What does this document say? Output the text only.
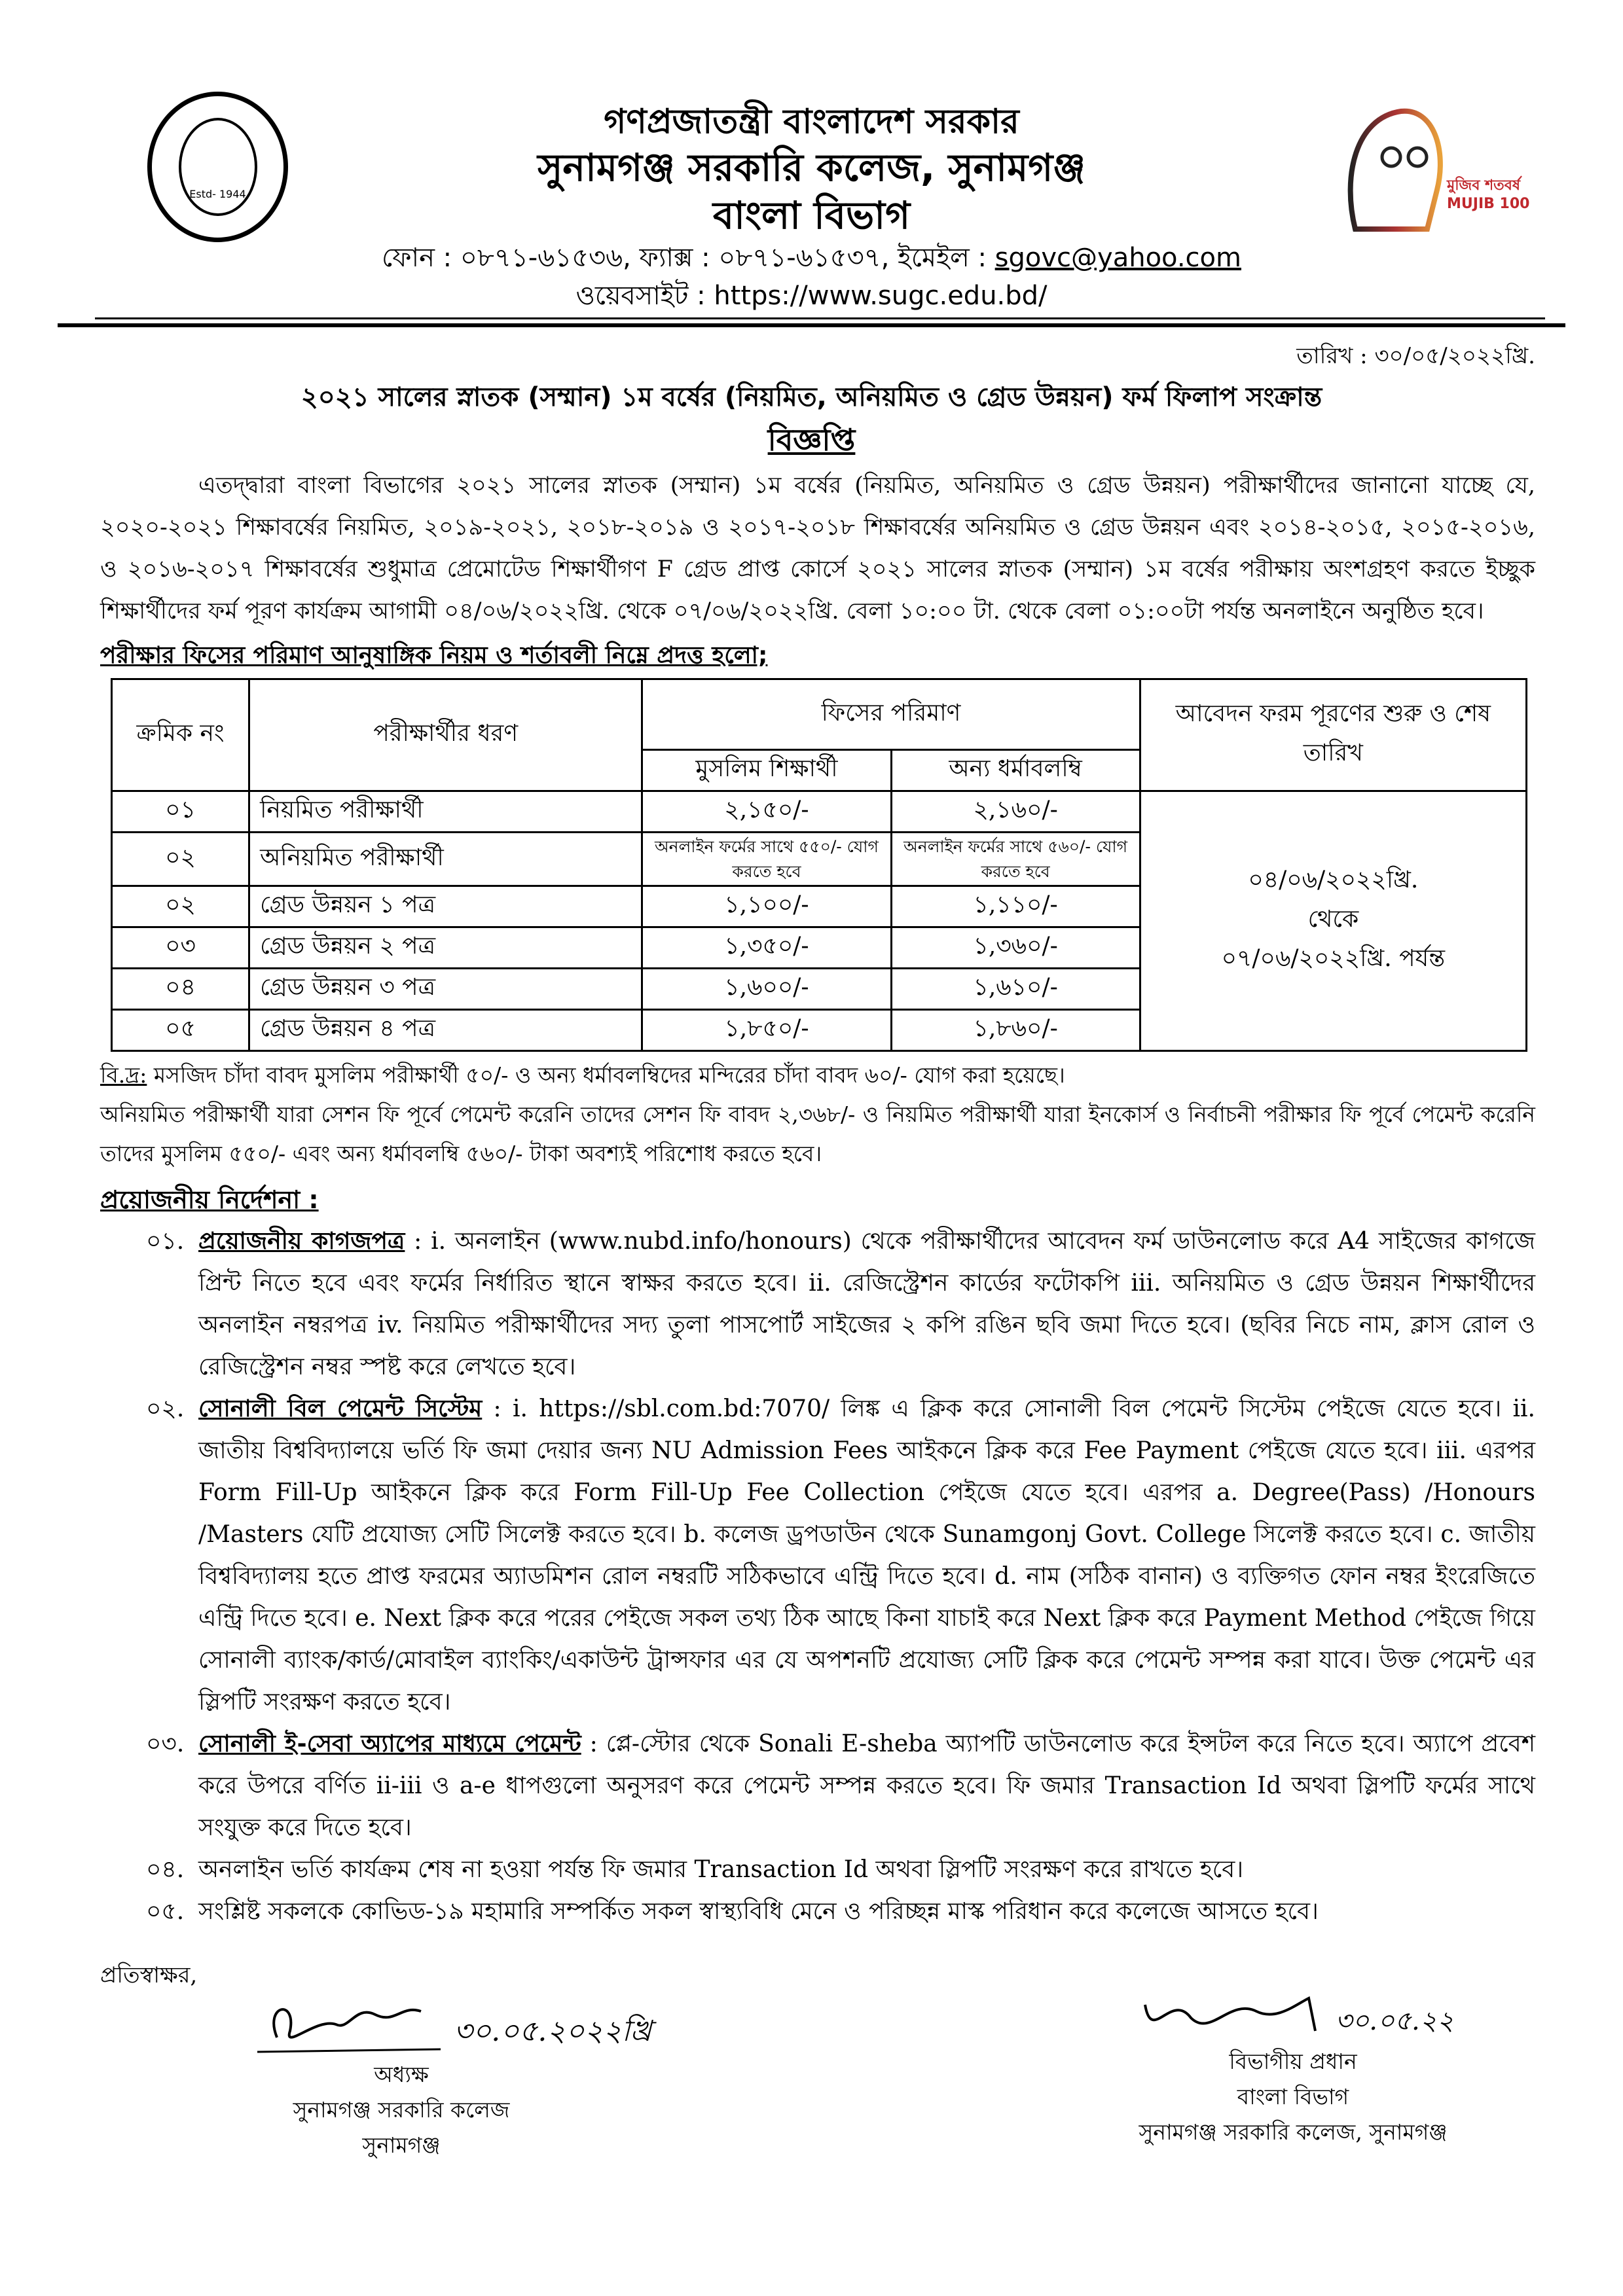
Estd- 1944
মুজিব শতবর্ষ MUJIB 100
গণপ্রজাতন্ত্রী বাংলাদেশ সরকার
সুনামগঞ্জ সরকারি কলেজ, সুনামগঞ্জ
বাংলা বিভাগ
ফোন : ০৮৭১-৬১৫৩৬, ফ্যাক্স : ০৮৭১-৬১৫৩৭, ইমেইল : sgovc@yahoo.com
ওয়েবসাইট : https://www.sugc.edu.bd/
তারিখ : ৩০/০৫/২০২২খ্রি.
২০২১ সালের স্নাতক (সম্মান) ১ম বর্ষের (নিয়মিত, অনিয়মিত ও গ্রেড উন্নয়ন) ফর্ম ফিলাপ সংক্রান্ত
বিজ্ঞপ্তি
এতদ্দ্বারা বাংলা বিভাগের ২০২১ সালের স্নাতক (সম্মান) ১ম বর্ষের (নিয়মিত, অনিয়মিত ও গ্রেড উন্নয়ন) পরীক্ষার্থীদের জানানো যাচ্ছে যে, ২০২০-২০২১ শিক্ষাবর্ষের নিয়মিত, ২০১৯-২০২১, ২০১৮-২০১৯ ও ২০১৭-২০১৮ শিক্ষাবর্ষের অনিয়মিত ও গ্রেড উন্নয়ন এবং ২০১৪-২০১৫, ২০১৫-২০১৬, ও ২০১৬-২০১৭ শিক্ষাবর্ষের শুধুমাত্র প্রেমোটেড শিক্ষার্থীগণ F গ্রেড প্রাপ্ত কোর্সে ২০২১ সালের স্নাতক (সম্মান) ১ম বর্ষের পরীক্ষায় অংশগ্রহণ করতে ইচ্ছুক শিক্ষার্থীদের ফর্ম পূরণ কার্যক্রম আগামী ০৪/০৬/২০২২খ্রি. থেকে ০৭/০৬/২০২২খ্রি. বেলা ১০:০০ টা. থেকে বেলা ০১:০০টা পর্যন্ত অনলাইনে অনুষ্ঠিত হবে।
পরীক্ষার ফিসের পরিমাণ আনুষাঙ্গিক নিয়ম ও শর্তাবলী নিম্নে প্রদত্ত হলো;
ক্রমিক নং	পরীক্ষার্থীর ধরণ	ফিসের পরিমাণ		আবেদন ফরম পূরণের শুরু ও শেষ তারিখ
		মুসলিম শিক্ষার্থী	অন্য ধর্মাবলম্বি	
০১	নিয়মিত পরীক্ষার্থী	২,১৫০/-	২,১৬০/-	০৪/০৬/২০২২খ্রি.
থেকে
০৭/০৬/২০২২খ্রি. পর্যন্ত

০২	অনিয়মিত পরীক্ষার্থী	অনলাইন ফর্মের সাথে ৫৫০/- যোগ করতে হবে	অনলাইন ফর্মের সাথে ৫৬০/- যোগ করতে হবে	
০২	গ্রেড উন্নয়ন ১ পত্র	১,১০০/-	১,১১০/-	
০৩	গ্রেড উন্নয়ন ২ পত্র	১,৩৫০/-	১,৩৬০/-	
০৪	গ্রেড উন্নয়ন ৩ পত্র	১,৬০০/-	১,৬১০/-	
০৫	গ্রেড উন্নয়ন ৪ পত্র	১,৮৫০/-	১,৮৬০/-	
বি.দ্র: মসজিদ চাঁদা বাবদ মুসলিম পরীক্ষার্থী ৫০/- ও অন্য ধর্মাবলম্বিদের মন্দিরের চাঁদা বাবদ ৬০/- যোগ করা হয়েছে।
অনিয়মিত পরীক্ষার্থী যারা সেশন ফি পূর্বে পেমেন্ট করেনি তাদের সেশন ফি বাবদ ২,৩৬৮/- ও নিয়মিত পরীক্ষার্থী যারা ইনকোর্স ও নির্বাচনী পরীক্ষার ফি পূর্বে পেমেন্ট করেনি তাদের মুসলিম ৫৫০/- এবং অন্য ধর্মাবলম্বি ৫৬০/- টাকা অবশ্যই পরিশোধ করতে হবে।
প্রয়োজনীয় নির্দেশনা :
০১. প্রয়োজনীয় কাগজপত্র : i. অনলাইন (www.nubd.info/honours) থেকে পরীক্ষার্থীদের আবেদন ফর্ম ডাউনলোড করে A4 সাইজের কাগজে প্রিন্ট নিতে হবে এবং ফর্মের নির্ধারিত স্থানে স্বাক্ষর করতে হবে। ii. রেজিস্ট্রেশন কার্ডের ফটোকপি iii. অনিয়মিত ও গ্রেড উন্নয়ন শিক্ষার্থীদের অনলাইন নম্বরপত্র iv. নিয়মিত পরীক্ষার্থীদের সদ্য তুলা পাসপোর্ট সাইজের ২ কপি রঙিন ছবি জমা দিতে হবে। (ছবির নিচে নাম, ক্লাস রোল ও রেজিস্ট্রেশন নম্বর স্পষ্ট করে লেখতে হবে।
০২. সোনালী বিল পেমেন্ট সিস্টেম : i. https://sbl.com.bd:7070/ লিঙ্ক এ ক্লিক করে সোনালী বিল পেমেন্ট সিস্টেম পেইজে যেতে হবে। ii. জাতীয় বিশ্ববিদ্যালয়ে ভর্তি ফি জমা দেয়ার জন্য NU Admission Fees আইকনে ক্লিক করে Fee Payment পেইজে যেতে হবে। iii. এরপর Form Fill-Up আইকনে ক্লিক করে Form Fill-Up Fee Collection পেইজে যেতে হবে। এরপর a. Degree(Pass) /Honours /Masters যেটি প্রযোজ্য সেটি সিলেক্ট করতে হবে। b. কলেজ ড্রপডাউন থেকে Sunamgonj Govt. College সিলেক্ট করতে হবে। c. জাতীয় বিশ্ববিদ্যালয় হতে প্রাপ্ত ফরমের অ্যাডমিশন রোল নম্বরটি সঠিকভাবে এন্ট্রি দিতে হবে। d. নাম (সঠিক বানান) ও ব্যক্তিগত ফোন নম্বর ইংরেজিতে এন্ট্রি দিতে হবে। e. Next ক্লিক করে পরের পেইজে সকল তথ্য ঠিক আছে কিনা যাচাই করে Next ক্লিক করে Payment Method পেইজে গিয়ে সোনালী ব্যাংক/কার্ড/মোবাইল ব্যাংকিং/একাউন্ট ট্রান্সফার এর যে অপশনটি প্রযোজ্য সেটি ক্লিক করে পেমেন্ট সম্পন্ন করা যাবে। উক্ত পেমেন্ট এর স্লিপটি সংরক্ষণ করতে হবে।
০৩. সোনালী ই-সেবা অ্যাপের মাধ্যমে পেমেন্ট : প্লে-স্টোর থেকে Sonali E-sheba অ্যাপটি ডাউনলোড করে ইন্সটল করে নিতে হবে। অ্যাপে প্রবেশ করে উপরে বর্ণিত ii-iii ও a-e ধাপগুলো অনুসরণ করে পেমেন্ট সম্পন্ন করতে হবে। ফি জমার Transaction Id অথবা স্লিপটি ফর্মের সাথে সংযুক্ত করে দিতে হবে।
০৪. অনলাইন ভর্তি কার্যক্রম শেষ না হওয়া পর্যন্ত ফি জমার Transaction Id অথবা স্লিপটি সংরক্ষণ করে রাখতে হবে।
০৫. সংশ্লিষ্ট সকলকে কোভিড-১৯ মহামারি সম্পর্কিত সকল স্বাস্থ্যবিধি মেনে ও পরিচ্ছন্ন মাস্ক পরিধান করে কলেজে আসতে হবে।
প্রতিস্বাক্ষর,
৩০.০৫.২০২২খ্রি
অধ্যক্ষ
সুনামগঞ্জ সরকারি কলেজ
সুনামগঞ্জ
৩০.০৫.২২
বিভাগীয় প্রধান
বাংলা বিভাগ
সুনামগঞ্জ সরকারি কলেজ, সুনামগঞ্জ
